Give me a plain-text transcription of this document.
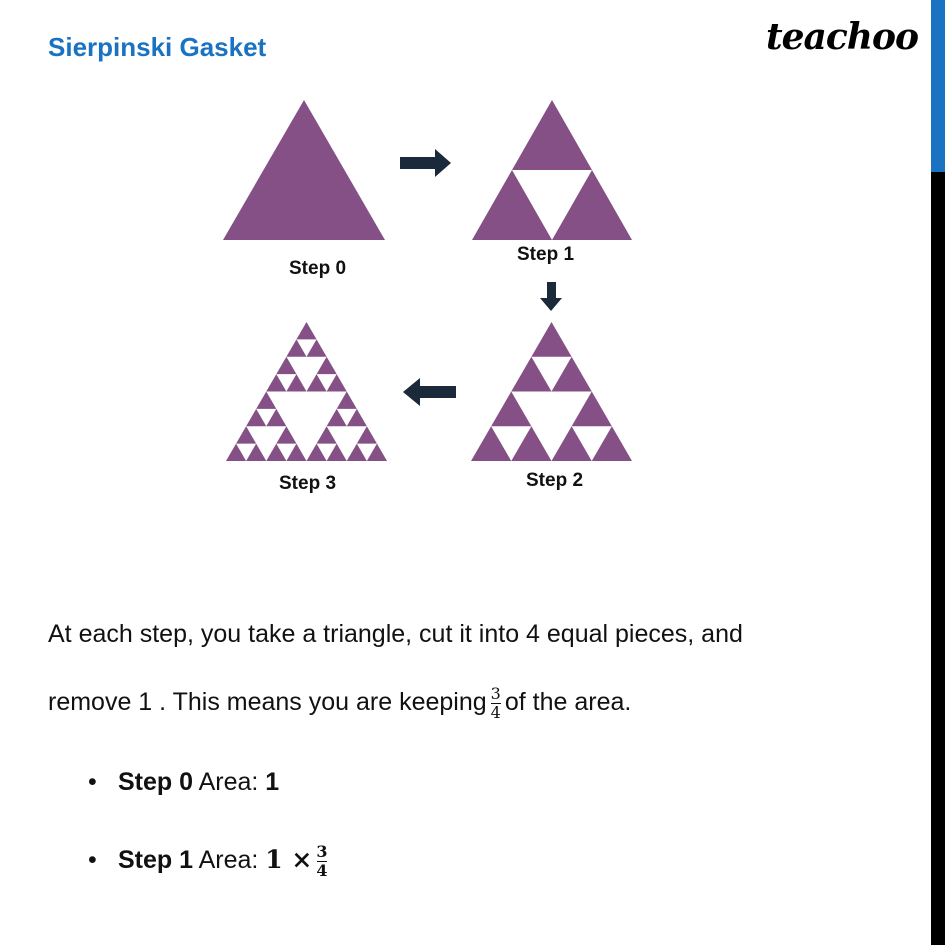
Sierpinski Gasket	teachoo
Step 0
Step 1
Step 2
Step 3
At each step, you take a triangle, cut it into 4 equal pieces, and
remove 1 . This means you are keeping $\frac{3}{4}$ of the area.
• Step 0 Area: 1
• Step 1 Area: $1 \times \frac{3}{4}$
